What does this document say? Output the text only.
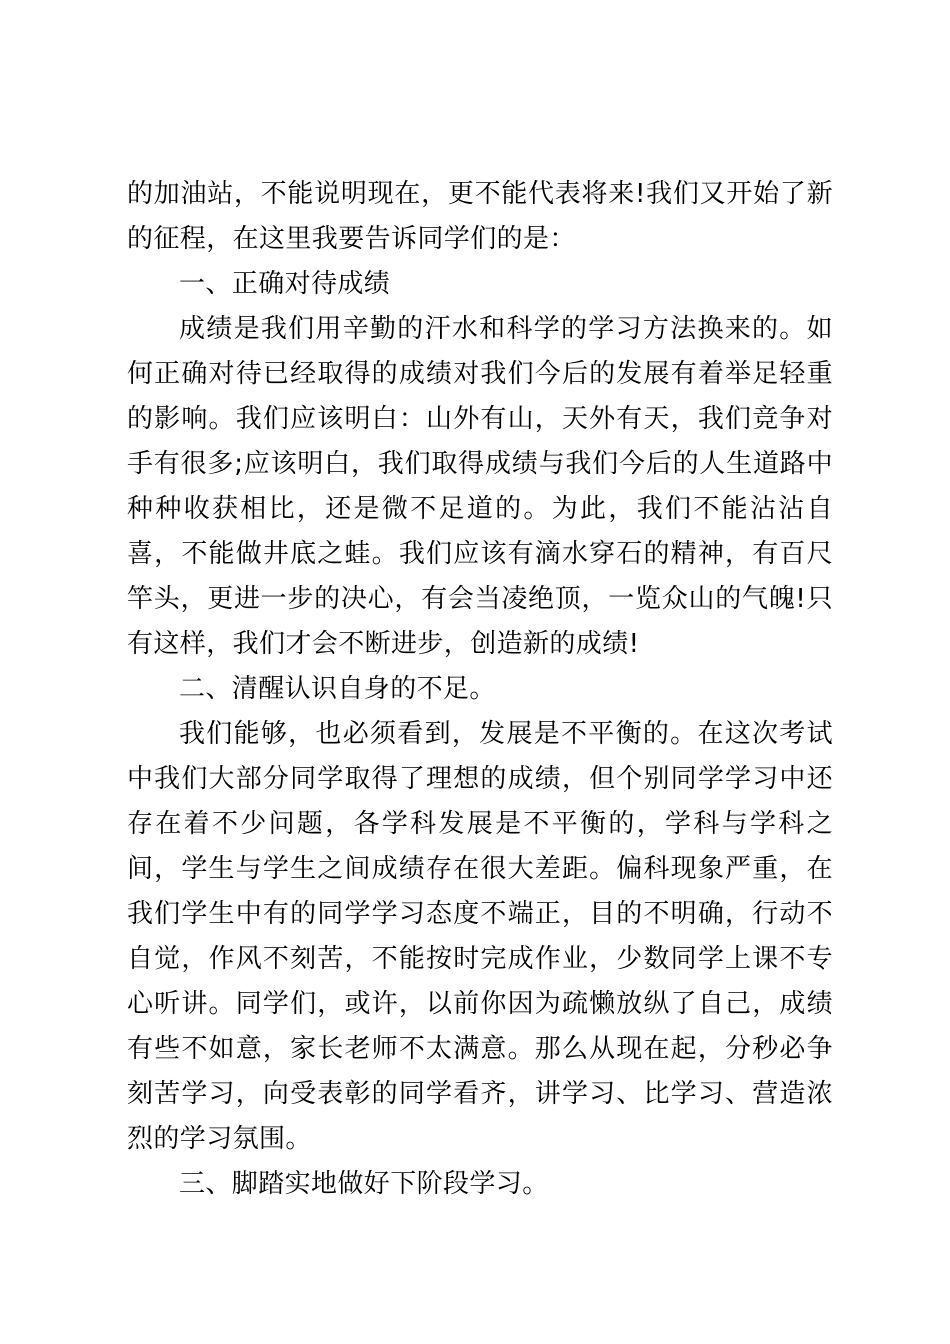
的加油站，不能说明现在，更不能代表将来!我们又开始了新的征程，在这里我要告诉同学们的是：

一、正确对待成绩

成绩是我们用辛勤的汗水和科学的学习方法换来的。如何正确对待已经取得的成绩对我们今后的发展有着举足轻重的影响。我们应该明白：山外有山，天外有天，我们竞争对手有很多;应该明白，我们取得成绩与我们今后的人生道路中种种收获相比，还是微不足道的。为此，我们不能沾沾自喜，不能做井底之蛙。我们应该有滴水穿石的精神，有百尺竿头，更进一步的决心，有会当凌绝顶，一览众山的气魄!只有这样，我们才会不断进步，创造新的成绩!

二、清醒认识自身的不足。

我们能够，也必须看到，发展是不平衡的。在这次考试中我们大部分同学取得了理想的成绩，但个别同学学习中还存在着不少问题，各学科发展是不平衡的，学科与学科之间，学生与学生之间成绩存在很大差距。偏科现象严重，在我们学生中有的同学学习态度不端正，目的不明确，行动不自觉，作风不刻苦，不能按时完成作业，少数同学上课不专心听讲。同学们，或许，以前你因为疏懒放纵了自己，成绩有些不如意，家长老师不太满意。那么从现在起，分秒必争刻苦学习，向受表彰的同学看齐，讲学习、比学习、营造浓烈的学习氛围。

三、脚踏实地做好下阶段学习。
